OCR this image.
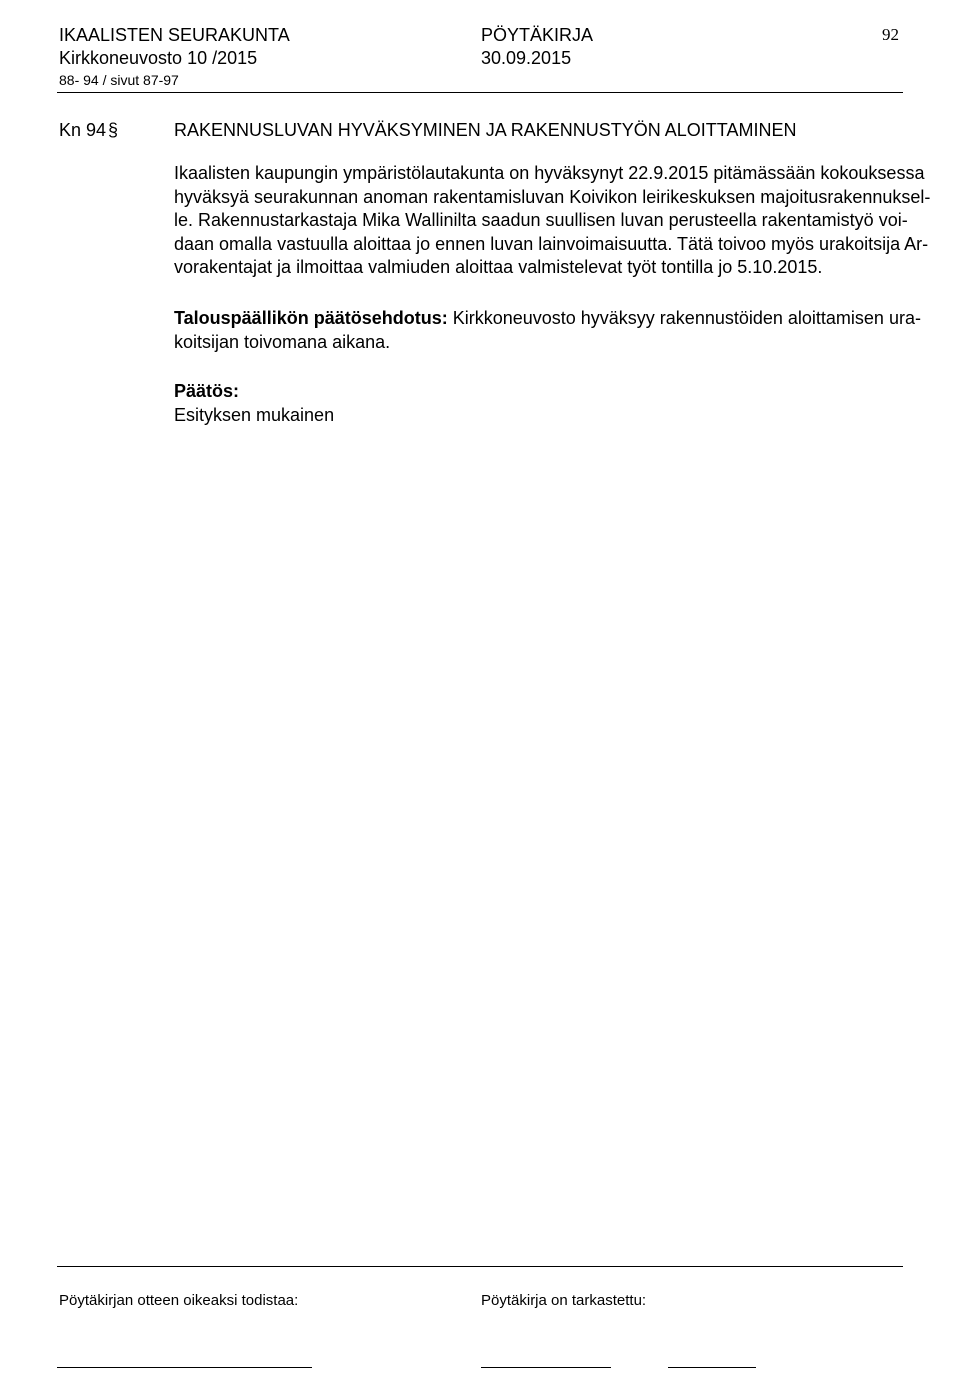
IKAALISTEN SEURAKUNTA	PÖYTÄKIRJA	92
Kirkkoneuvosto 10 /2015	30.09.2015
88- 94 / sivut 87-97
Kn 94 §	RAKENNUSLUVAN HYVÄKSYMINEN JA RAKENNUSTYÖN ALOITTAMINEN

Ikaalisten kaupungin ympäristölautakunta on hyväksynyt 22.9.2015 pitämässään kokouksessa

hyväksyä seurakunnan anoman rakentamisluvan Koivikon leirikeskuksen majoitusrakennuksel-

le. Rakennustarkastaja Mika Wallinilta saadun suullisen luvan perusteella rakentamistyö voi-

daan omalla vastuulla aloittaa jo ennen luvan lainvoimaisuutta. Tätä toivoo myös urakoitsija Ar-

vorakentajat ja ilmoittaa valmiuden aloittaa valmistelevat työt tontilla jo 5.10.2015.

Talouspäällikön päätösehdotus: Kirkkoneuvosto hyväksyy rakennustöiden aloittamisen ura-

koitsijan toivomana aikana.

Päätös:

Esityksen mukainen

Pöytäkirjan otteen oikeaksi todistaa:	Pöytäkirja on tarkastettu:
